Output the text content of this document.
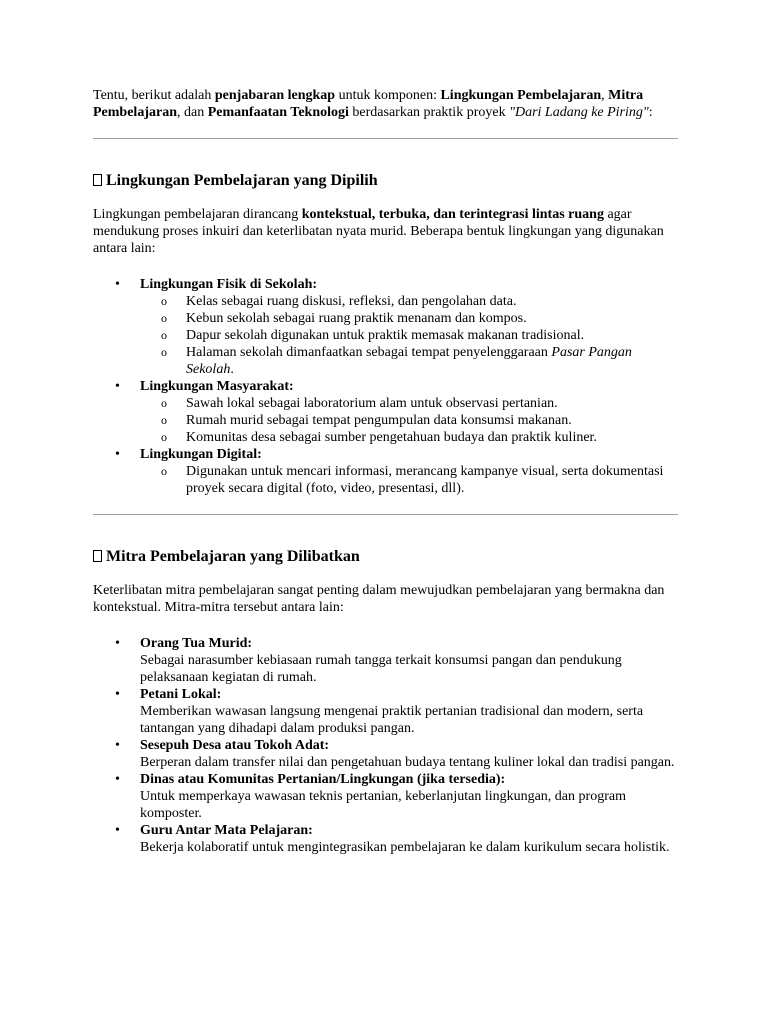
Tentu, berikut adalah penjabaran lengkap untuk komponen: Lingkungan Pembelajaran, Mitra Pembelajaran, dan Pemanfaatan Teknologi berdasarkan praktik proyek "Dari Ladang ke Piring":

Lingkungan Pembelajaran yang Dipilih

Lingkungan pembelajaran dirancang kontekstual, terbuka, dan terintegrasi lintas ruang agar mendukung proses inkuiri dan keterlibatan nyata murid. Beberapa bentuk lingkungan yang digunakan antara lain:

• Lingkungan Fisik di Sekolah:
o Kelas sebagai ruang diskusi, refleksi, dan pengolahan data.
o Kebun sekolah sebagai ruang praktik menanam dan kompos.
o Dapur sekolah digunakan untuk praktik memasak makanan tradisional.
o Halaman sekolah dimanfaatkan sebagai tempat penyelenggaraan Pasar Pangan Sekolah.
• Lingkungan Masyarakat:
o Sawah lokal sebagai laboratorium alam untuk observasi pertanian.
o Rumah murid sebagai tempat pengumpulan data konsumsi makanan.
o Komunitas desa sebagai sumber pengetahuan budaya dan praktik kuliner.
• Lingkungan Digital:
o Digunakan untuk mencari informasi, merancang kampanye visual, serta dokumentasi proyek secara digital (foto, video, presentasi, dll).

Mitra Pembelajaran yang Dilibatkan

Keterlibatan mitra pembelajaran sangat penting dalam mewujudkan pembelajaran yang bermakna dan kontekstual. Mitra-mitra tersebut antara lain:

• Orang Tua Murid:
Sebagai narasumber kebiasaan rumah tangga terkait konsumsi pangan dan pendukung pelaksanaan kegiatan di rumah.
• Petani Lokal:
Memberikan wawasan langsung mengenai praktik pertanian tradisional dan modern, serta tantangan yang dihadapi dalam produksi pangan.
• Sesepuh Desa atau Tokoh Adat:
Berperan dalam transfer nilai dan pengetahuan budaya tentang kuliner lokal dan tradisi pangan.
• Dinas atau Komunitas Pertanian/Lingkungan (jika tersedia):
Untuk memperkaya wawasan teknis pertanian, keberlanjutan lingkungan, dan program komposter.
• Guru Antar Mata Pelajaran:
Bekerja kolaboratif untuk mengintegrasikan pembelajaran ke dalam kurikulum secara holistik.
